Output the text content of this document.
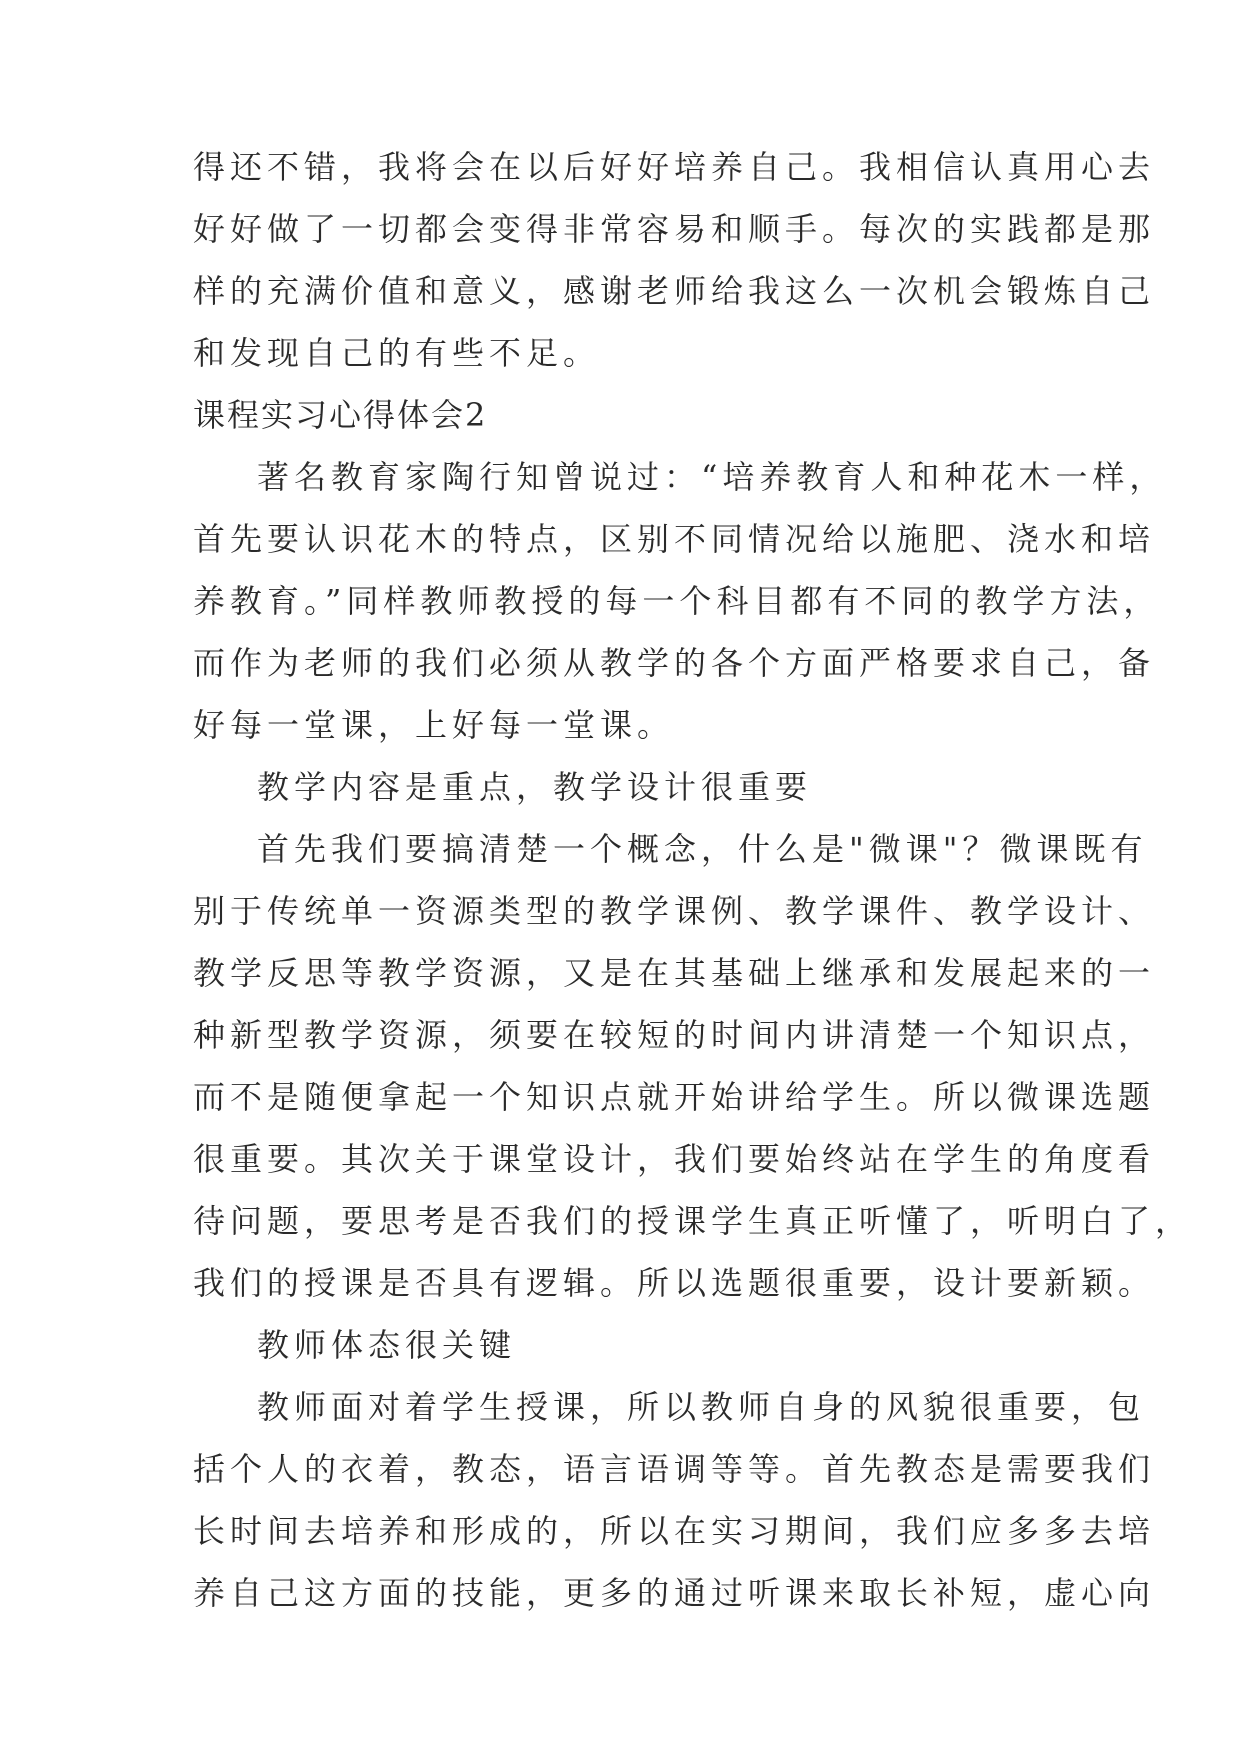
得还不错，我将会在以后好好培养自己。我相信认真用心去
好好做了一切都会变得非常容易和顺手。每次的实践都是那
样的充满价值和意义，感谢老师给我这么一次机会锻炼自己
和发现自己的有些不足。
课程实习心得体会2
著名教育家陶行知曾说过：“培养教育人和种花木一样，
首先要认识花木的特点，区别不同情况给以施肥、浇水和培
养教育。”同样教师教授的每一个科目都有不同的教学方法，
而作为老师的我们必须从教学的各个方面严格要求自己，备
好每一堂课，上好每一堂课。
教学内容是重点，教学设计很重要
首先我们要搞清楚一个概念，什么是"微课"？微课既有
别于传统单一资源类型的教学课例、教学课件、教学设计、
教学反思等教学资源，又是在其基础上继承和发展起来的一
种新型教学资源，须要在较短的时间内讲清楚一个知识点，
而不是随便拿起一个知识点就开始讲给学生。所以微课选题
很重要。其次关于课堂设计，我们要始终站在学生的角度看
待问题，要思考是否我们的授课学生真正听懂了，听明白了，
我们的授课是否具有逻辑。所以选题很重要，设计要新颖。
教师体态很关键
教师面对着学生授课，所以教师自身的风貌很重要，包
括个人的衣着，教态，语言语调等等。首先教态是需要我们
长时间去培养和形成的，所以在实习期间，我们应多多去培
养自己这方面的技能，更多的通过听课来取长补短，虚心向
